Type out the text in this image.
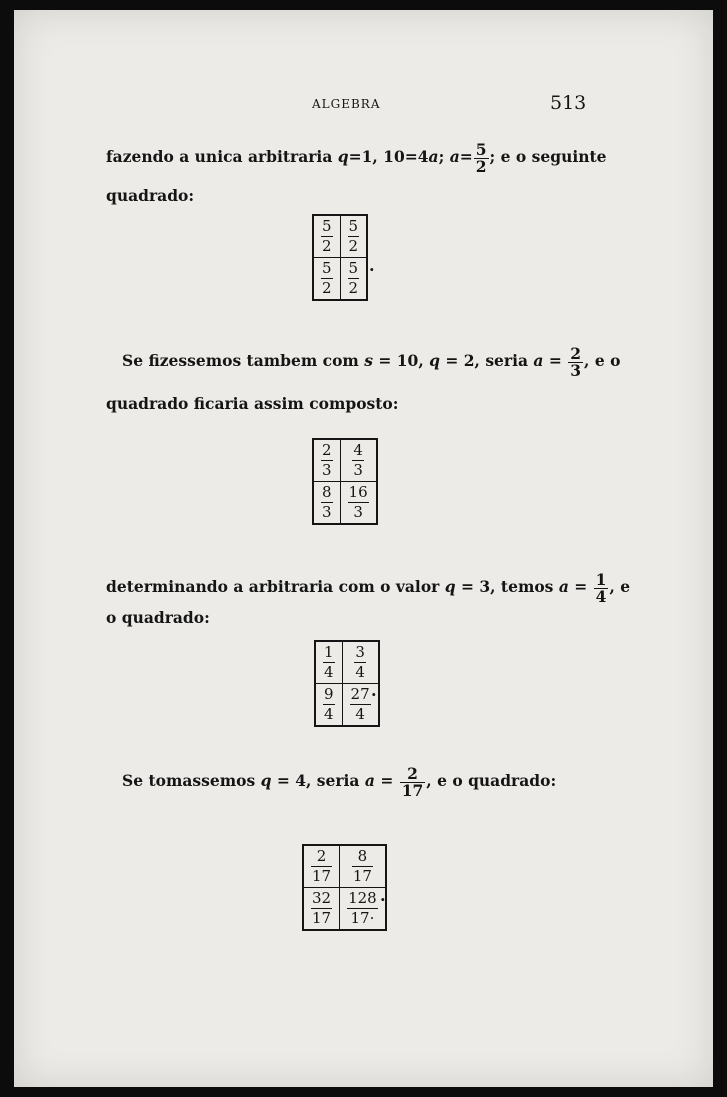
ALGEBRA	513
fazendo a unica arbitraria q=1, 10=4a; $a= \frac{5}{2}$ ; e o seguinte
quadrado:
$\frac{5}{2}$	$\frac{5}{2}$

$\frac{5}{2}$	$\frac{5}{2}$ .
Se fizessemos tambem com s = 10, q = 2, seria $a = \frac{2}{3}$ , e o
quadrado ficaria assim composto:
$\frac{2}{3}$	$\frac{4}{3}$

$\frac{8}{3}$	$\frac{16}{3}$
determinando a arbitraria com o valor q = 3, temos $a = \frac{1}{4}$ , e
o quadrado:
$\frac{1}{4}$	$\frac{3}{4}$

$\frac{9}{4}$	$\frac{27}{4}$ .
Se tomassemos q = 4, seria $a = \frac{2}{17}$ , e o quadrado:
$\frac{2}{17}$	$\frac{8}{17}$

$\frac{32}{17}$	$\frac{128}{17\cdot}$ .
